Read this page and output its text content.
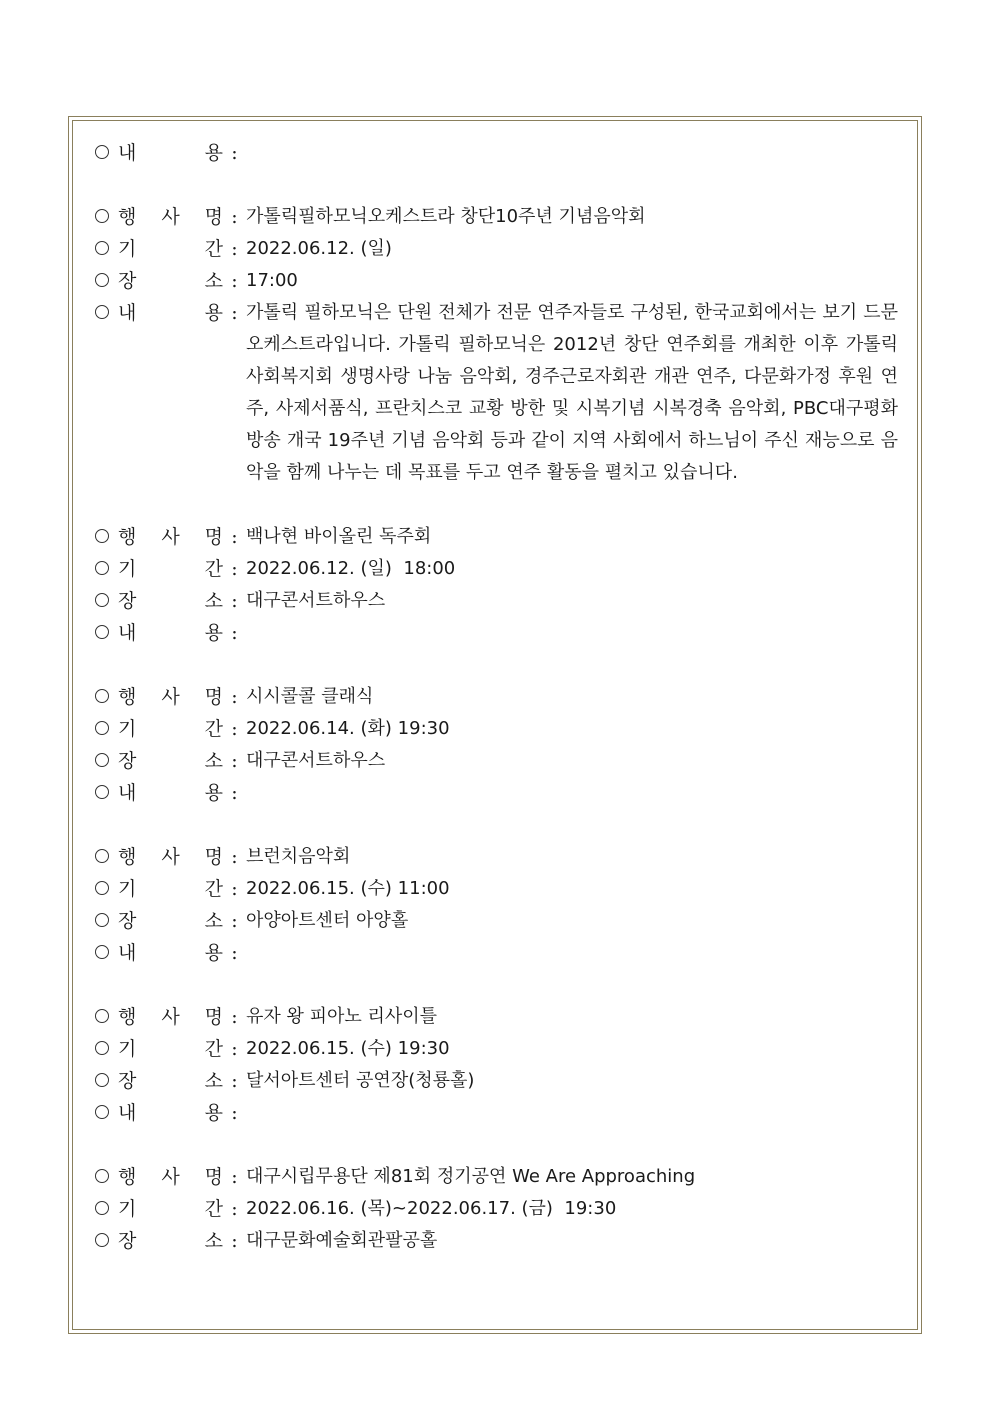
내	용 :
행 사 명 : 가톨릭필하모닉오케스트라 창단10주년 기념음악회
기	간 : 2022.06.12. (일)
장	소 : 17:00
내	용 : 가톨릭 필하모닉은 단원 전체가 전문 연주자들로 구성된, 한국교회에서는 보기 드문 오케스트라입니다. 가톨릭 필하모닉은 2012년 창단 연주회를 개최한 이후 가톨릭 사회복지회 생명사랑 나눔 음악회, 경주근로자회관 개관 연주, 다문화가정 후원 연주, 사제서품식, 프란치스코 교황 방한 및 시복기념 시복경축 음악회, PBC대구평화방송 개국 19주년 기념 음악회 등과 같이 지역 사회에서 하느님이 주신 재능으로 음악을 함께 나누는 데 목표를 두고 연주 활동을 펼치고 있습니다.
행 사 명 : 백나현 바이올린 독주회
기	간 : 2022.06.12. (일)  18:00
장	소 : 대구콘서트하우스
내	용 :
행 사 명 : 시시콜콜 클래식
기	간 : 2022.06.14. (화) 19:30
장	소 : 대구콘서트하우스
내	용 :
행 사 명 : 브런치음악회
기	간 : 2022.06.15. (수) 11:00
장	소 : 아양아트센터 아양홀
내	용 :
행 사 명 : 유자 왕 피아노 리사이틀
기	간 : 2022.06.15. (수) 19:30
장	소 : 달서아트센터 공연장(청룡홀)
내	용 :
행 사 명 : 대구시립무용단 제81회 정기공연 We Are Approaching
기	간 : 2022.06.16. (목)~2022.06.17. (금)  19:30
장	소 : 대구문화예술회관팔공홀
